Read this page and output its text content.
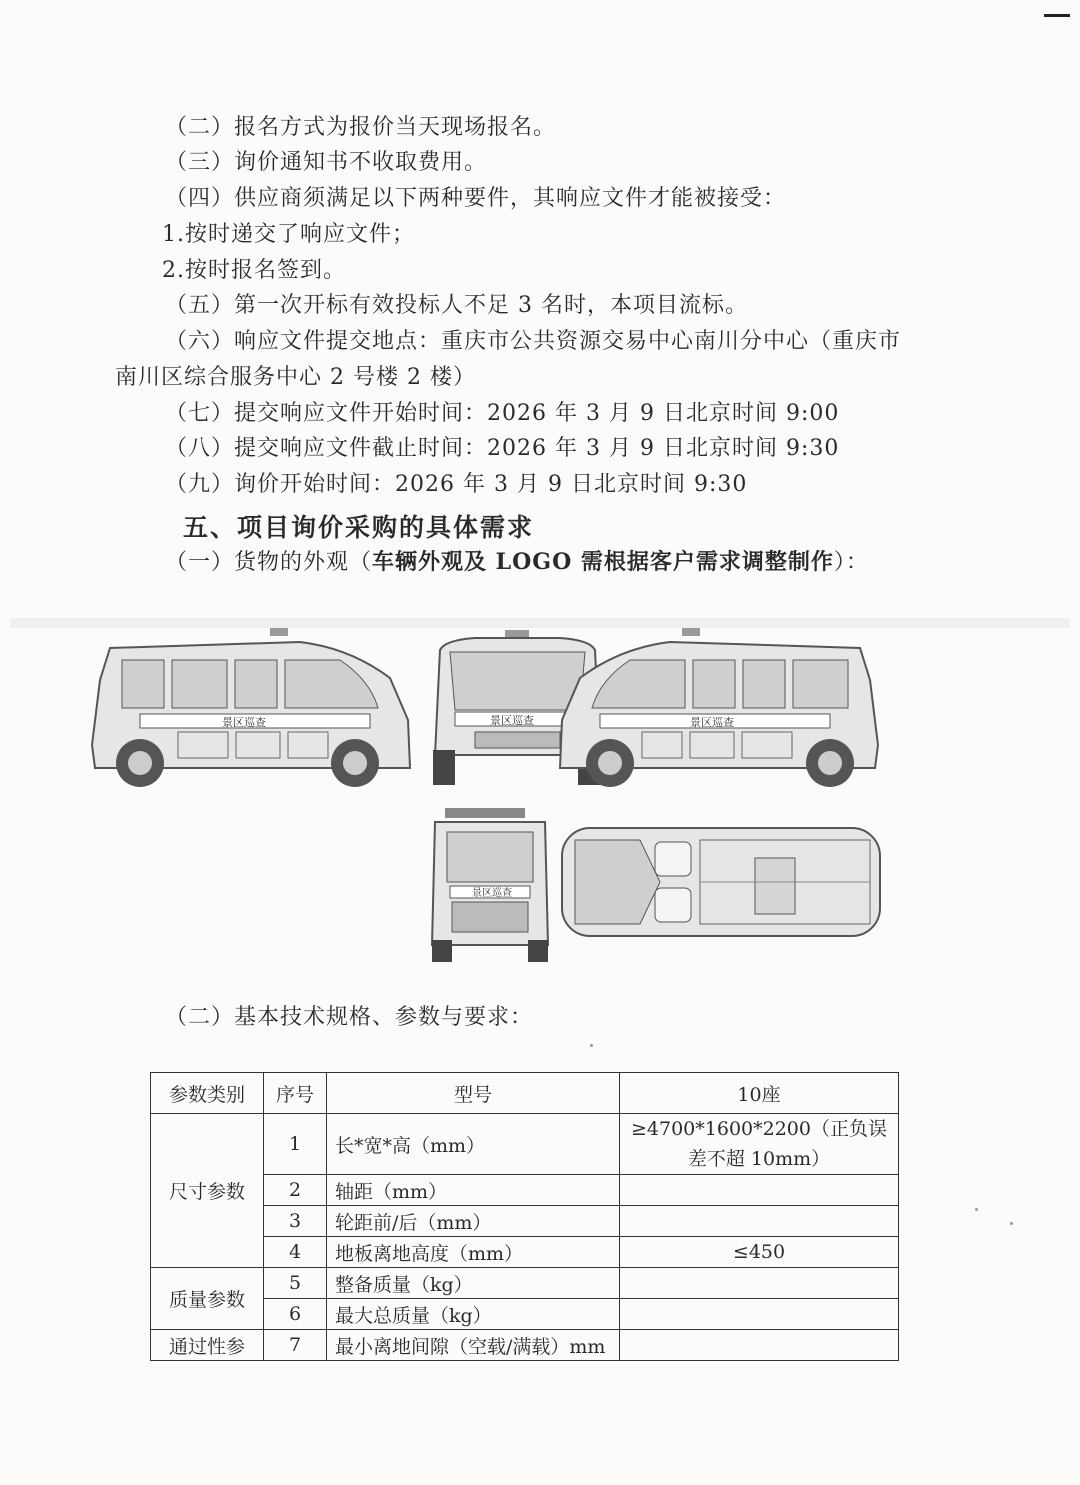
（二）报名方式为报价当天现场报名。
（三）询价通知书不收取费用。
（四）供应商须满足以下两种要件，其响应文件才能被接受：
1.按时递交了响应文件；
2.按时报名签到。
（五）第一次开标有效投标人不足 3 名时，本项目流标。
（六）响应文件提交地点：重庆市公共资源交易中心南川分中心（重庆市
南川区综合服务中心 2 号楼 2 楼）
（七）提交响应文件开始时间：2026 年 3 月 9 日北京时间 9:00
（八）提交响应文件截止时间：2026 年 3 月 9 日北京时间 9:30
（九）询价开始时间：2026 年 3 月 9 日北京时间 9:30
五、项目询价采购的具体需求
（一）货物的外观（车辆外观及 LOGO 需根据客户需求调整制作）：
景区巡查	景区巡查	景区巡查
景区巡查
（二）基本技术规格、参数与要求：
参数类别	序号	型号	10座
尺寸参数	1	长*宽*高（mm）	≥4700*1600*2200（正负误差不超 10mm）
	2	轴距（mm）	
	3	轮距前/后（mm）	
	4	地板离地高度（mm）	≤450
质量参数	5	整备质量（kg）	
	6	最大总质量（kg）	
通过性参	7	最小离地间隙（空载/满载）mm	
